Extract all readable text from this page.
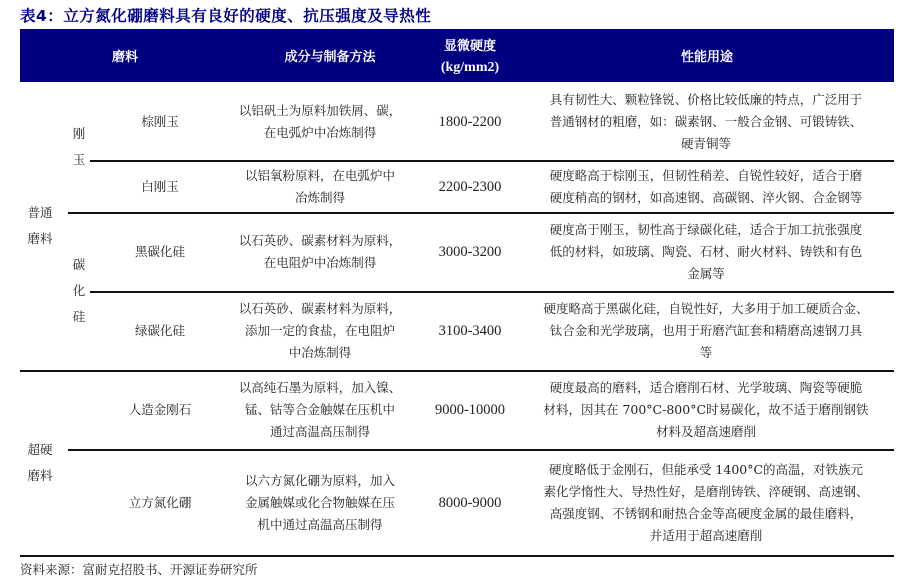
表4：立方氮化硼磨料具有良好的硬度、抗压强度及导热性
磨料	成分与制备方法
显微硬度
(kg/mm2)
性能用途
普通
磨料
超硬
磨料
刚
玉
碳
化
硅
棕刚玉
以铝矾土为原料加铁屑、碳，
在电弧炉中冶炼制得
1800-2200
具有韧性大、颗粒锋锐、价格比较低廉的特点，广泛用于
普通钢材的粗磨，如：碳素钢、一般合金钢、可锻铸铁、
硬青铜等
白刚玉
以铝氧粉原料，在电弧炉中
冶炼制得
2200-2300
硬度略高于棕刚玉，但韧性稍差、自锐性较好，适合于磨
硬度稍高的钢材，如高速钢、高碳钢、淬火钢、合金钢等
黑碳化硅
以石英砂、碳素材料为原料，
在电阻炉中冶炼制得
3000-3200
硬度高于刚玉，韧性高于绿碳化硅，适合于加工抗张强度
低的材料，如玻璃、陶瓷、石材、耐火材料、铸铁和有色
金属等
绿碳化硅
以石英砂、碳素材料为原料，
添加一定的食盐，在电阻炉
中冶炼制得
3100-3400
硬度略高于黑碳化硅，自锐性好，大多用于加工硬质合金、
钛合金和光学玻璃，也用于珩磨汽缸套和精磨高速钢刀具
等
人造金刚石
以高纯石墨为原料，加入镍、
锰、钴等合金触媒在压机中
通过高温高压制得
9000-10000
硬度最高的磨料，适合磨削石材、光学玻璃、陶瓷等硬脆
材料，因其在 700°C-800°C时易碳化，故不适于磨削钢铁
材料及超高速磨削
立方氮化硼
以六方氮化硼为原料，加入
金属触媒或化合物触媒在压
机中通过高温高压制得
8000-9000
硬度略低于金刚石，但能承受 1400°C的高温，对铁族元
素化学惰性大、导热性好，是磨削铸铁、淬硬钢、高速钢、
高强度钢、不锈钢和耐热合金等高硬度金属的最佳磨料，
并适用于超高速磨削
资料来源：富耐克招股书、开源证券研究所
